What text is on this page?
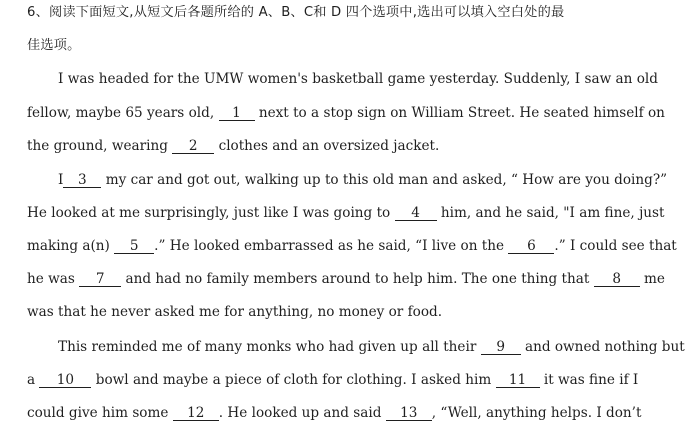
6、阅读下面短文,从短文后各题所给的 A、B、C和 D 四个选项中,选出可以填入空白处的最
佳选项。
I was headed for the UMW women's basketball game yesterday. Suddenly, I saw an old
fellow, maybe 65 years old, 1 next to a stop sign on William Street. He seated himself on
the ground, wearing 2 clothes and an oversized jacket.
I 3 my car and got out, walking up to this old man and asked, “ How are you doing?”
He looked at me surprisingly, just like I was going to 4 him, and he said, "I am fine, just
making a(n) 5 .” He looked embarrassed as he said, “I live on the 6 .” I could see that
he was 7 and had no family members around to help him. The one thing that 8 me
was that he never asked me for anything, no money or food.
This reminded me of many monks who had given up all their 9 and owned nothing but
a 10 bowl and maybe a piece of cloth for clothing. I asked him 11 it was fine if I
could give him some 12 . He looked up and said 13 , “Well, anything helps. I don’t
